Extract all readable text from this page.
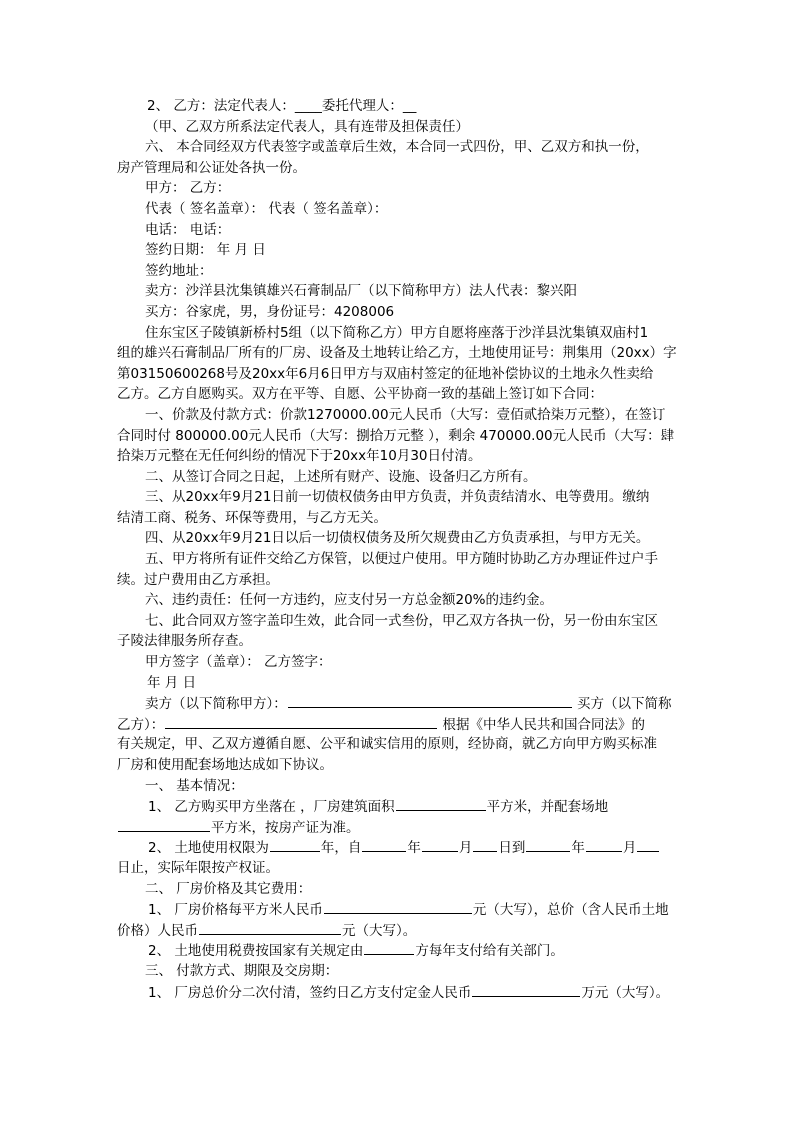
2、 乙方：法定代表人：____委托代理人：__
（甲、乙双方所系法定代表人，具有连带及担保责任）
六、 本合同经双方代表签字或盖章后生效，本合同一式四份，甲、乙双方和执一份，
房产管理局和公证处各执一份。
甲方： 乙方：
代表（ 签名盖章）： 代表（ 签名盖章）：
电话： 电话：
签约日期： 年 月 日
签约地址：
卖方：沙洋县沈集镇雄兴石膏制品厂（以下简称甲方）法人代表：黎兴阳
买方：谷家虎，男，身份证号：4208006
住东宝区子陵镇新桥村5组（以下简称乙方）甲方自愿将座落于沙洋县沈集镇双庙村1
组的雄兴石膏制品厂所有的厂房、设备及土地转让给乙方，土地使用证号：荆集用（20xx）字
第03150600268号及20xx年6月6日甲方与双庙村签定的征地补偿协议的土地永久性卖给
乙方。乙方自愿购买。双方在平等、自愿、公平协商一致的基础上签订如下合同：
一、价款及付款方式：价款1270000.00元人民币（大写：壹佰贰拾柒万元整），在签订
合同时付 800000.00元人民币（大写：捌拾万元整 ），剩余 470000.00元人民币（大写：肆
拾柒万元整在无任何纠纷的情况下于20xx年10月30日付清。
二、从签订合同之日起，上述所有财产、设施、设备归乙方所有。
三、从20xx年9月21日前一切债权债务由甲方负责，并负责结清水、电等费用。缴纳
结清工商、税务、环保等费用，与乙方无关。
四、从20xx年9月21日以后一切债权债务及所欠规费由乙方负责承担，与甲方无关。
五、甲方将所有证件交给乙方保管，以便过户使用。甲方随时协助乙方办理证件过户手
续。过户费用由乙方承担。
六、违约责任：任何一方违约，应支付另一方总金额20%的违约金。
七、此合同双方签字盖印生效，此合同一式叁份，甲乙双方各执一份，另一份由东宝区
子陵法律服务所存查。
甲方签字（盖章）： 乙方签字：
年 月 日
卖方（以下简称甲方）：	买方（以下简称
乙方）：	根据《中华人民共和国合同法》的
有关规定，甲、乙双方遵循自愿、公平和诚实信用的原则，经协商，就乙方向甲方购买标准
厂房和使用配套场地达成如下协议。
一、 基本情况：
1、 乙方购买甲方坐落在 ，厂房建筑面积	平方米，并配套场地
平方米，按房产证为准。
2、 土地使用权限为	年，自	年	月 日到	年	月
日止，实际年限按产权证。
二、 厂房价格及其它费用：
1、 厂房价格每平方米人民币	元（大写），总价（含人民币土地
价格）人民币	元（大写）。
2、 土地使用税费按国家有关规定由	方每年支付给有关部门。
三、 付款方式、期限及交房期：
1、 厂房总价分二次付清，签约日乙方支付定金人民币	万元（大写）。
